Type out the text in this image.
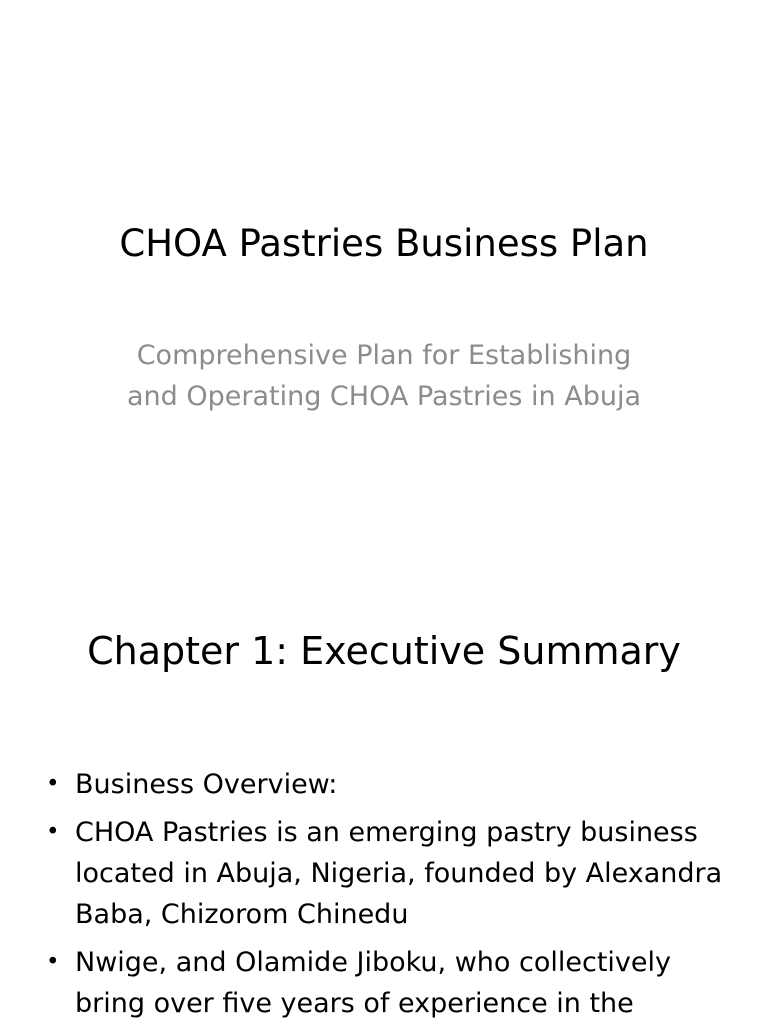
CHOA Pastries Business Plan

Comprehensive Plan for Establishing and Operating CHOA Pastries in Abuja

Chapter 1: Executive Summary
• Business Overview:
• CHOA Pastries is an emerging pastry business located in Abuja, Nigeria, founded by Alexandra Baba, Chizorom Chinedu
• Nwige, and Olamide Jiboku, who collectively bring over five years of experience in the
